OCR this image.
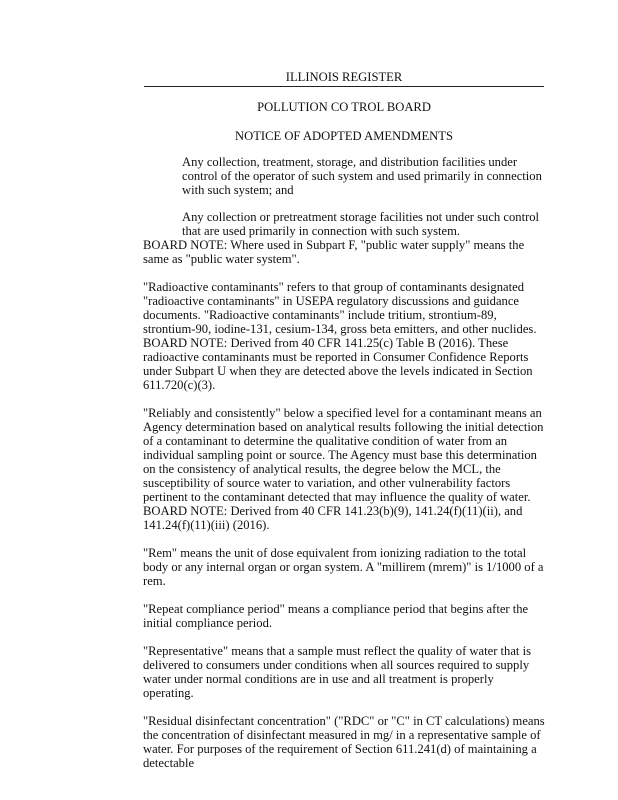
ILLINOIS REGISTER
POLLUTION CO TROL BOARD
NOTICE OF ADOPTED AMENDMENTS

Any collection, treatment, storage, and distribution facilities under control of the operator of such system and used primarily in connection with such system; and

Any collection or pretreatment storage facilities not under such control that are used primarily in connection with such system.

BOARD NOTE: Where used in Subpart F, "public water supply" means the same as "public water system".

"Radioactive contaminants" refers to that group of contaminants designated "radioactive contaminants" in USEPA regulatory discussions and guidance documents. "Radioactive contaminants" include tritium, strontium-89, strontium-90, iodine-131, cesium-134, gross beta emitters, and other nuclides.

BOARD NOTE: Derived from 40 CFR 141.25(c) Table B (2016). These radioactive contaminants must be reported in Consumer Confidence Reports under Subpart U when they are detected above the levels indicated in Section 611.720(c)(3).

"Reliably and consistently" below a specified level for a contaminant means an Agency determination based on analytical results following the initial detection of a contaminant to determine the qualitative condition of water from an individual sampling point or source. The Agency must base this determination on the consistency of analytical results, the degree below the MCL, the susceptibility of source water to variation, and other vulnerability factors pertinent to the contaminant detected that may influence the quality of water.

BOARD NOTE: Derived from 40 CFR 141.23(b)(9), 141.24(f)(11)(ii), and 141.24(f)(11)(iii) (2016).

"Rem" means the unit of dose equivalent from ionizing radiation to the total body or any internal organ or organ system. A "millirem (mrem)" is 1/1000 of a rem.

"Repeat compliance period" means a compliance period that begins after the initial compliance period.

"Representative" means that a sample must reflect the quality of water that is delivered to consumers under conditions when all sources required to supply water under normal conditions are in use and all treatment is properly operating.

"Residual disinfectant concentration" ("RDC" or "C" in CT calculations) means the concentration of disinfectant measured in mg/ in a representative sample of water. For purposes of the requirement of Section 611.241(d) of maintaining a detectable
